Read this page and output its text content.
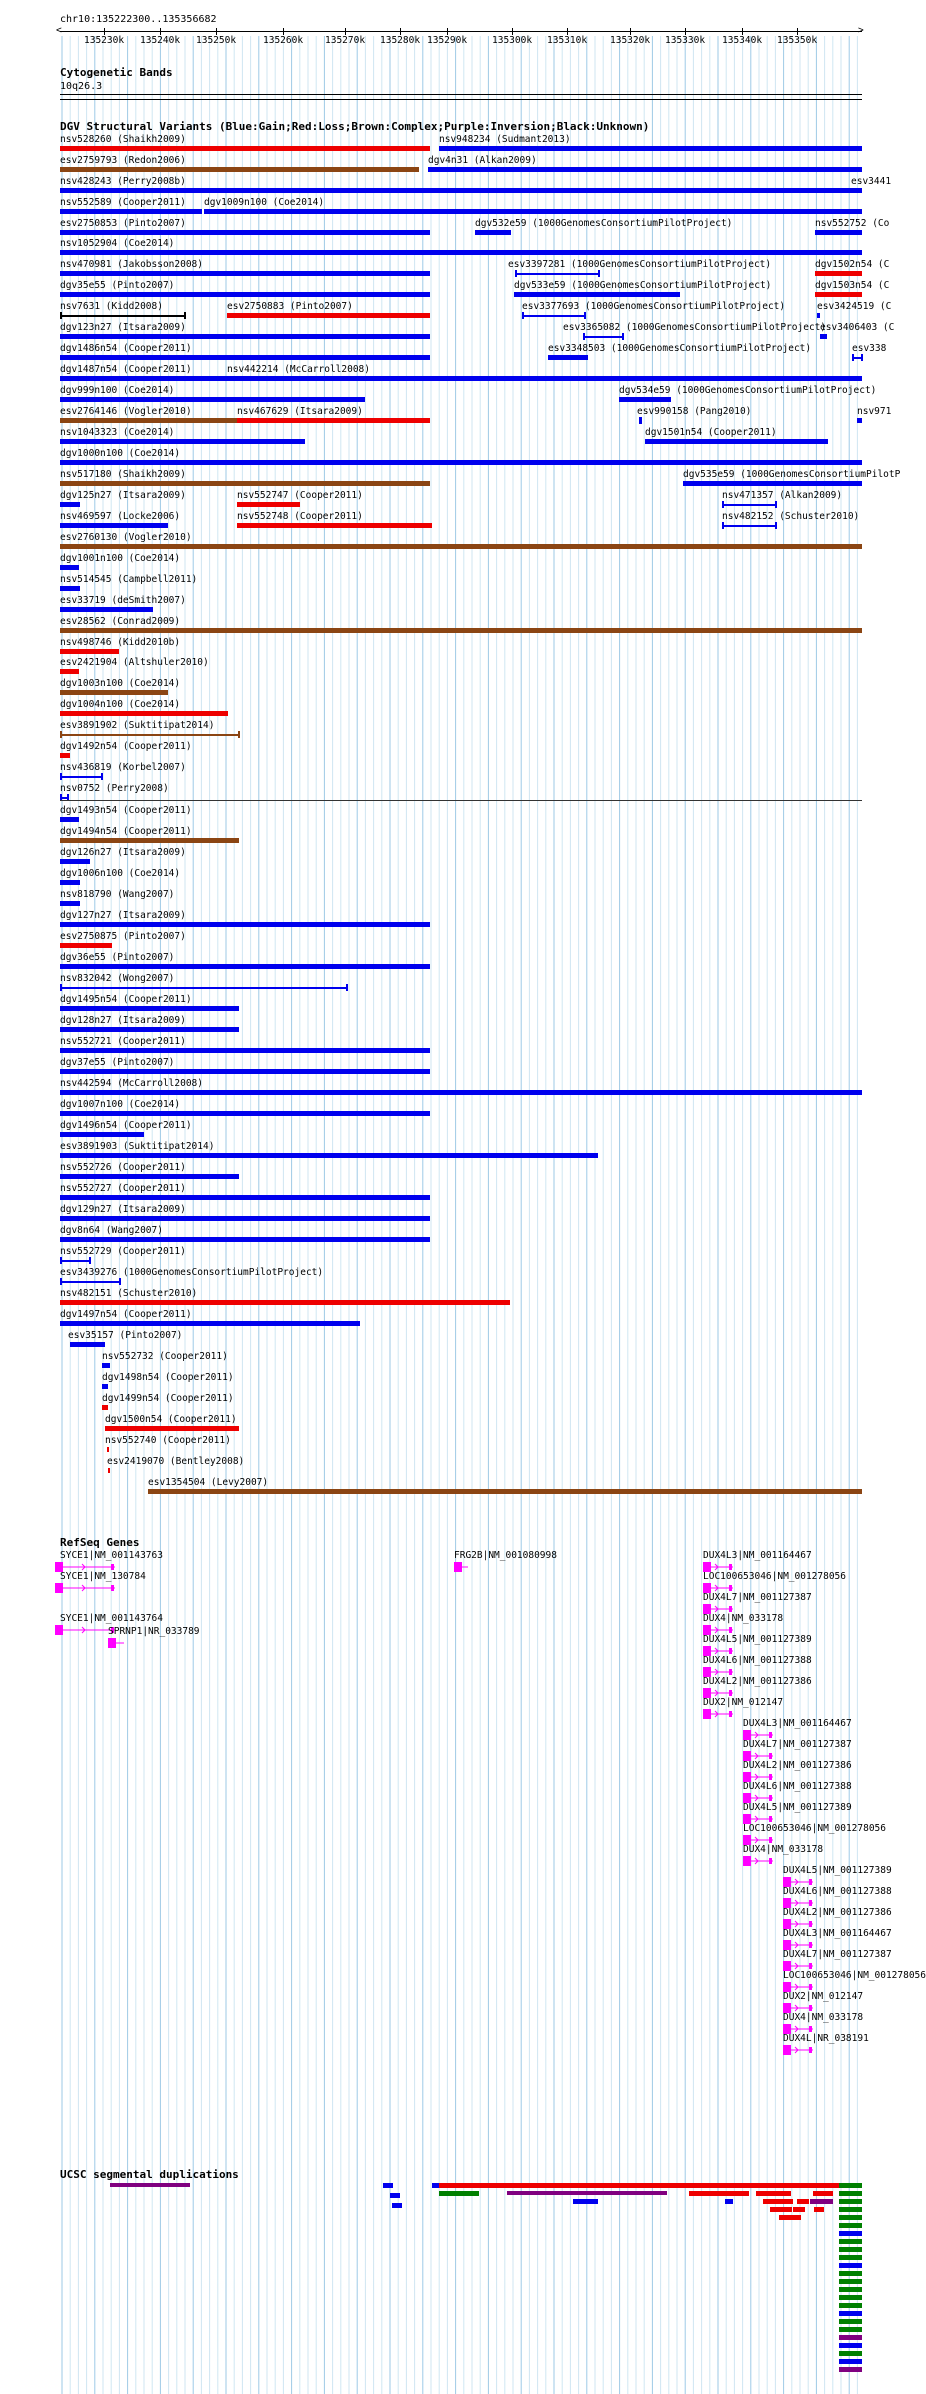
chr10:135222300..135356682
<	>
135230k 135240k 135250k	135260k 135270k 135280k 135290k	135300k 135310k 135320k 135330k 135340k 135350k
Cytogenetic Bands
10q26.3
DGV Structural Variants (Blue:Gain;Red:Loss;Brown:Complex;Purple:Inversion;Black:Unknown)
nsv528260 (Shaikh2009)	nsv948234 (Sudmant2013)
esv2759793 (Redon2006)	dgv4n31 (Alkan2009)
nsv428243 (Perry2008b)	esv3441
nsv552589 (Cooper2011) dgv1009n100 (Coe2014)
esv2750853 (Pinto2007)	dgv532e59 (1000GenomesConsortiumPilotProject)	nsv552752 (Co
nsv1052904 (Coe2014)
nsv470981 (Jakobsson2008)	esv3397281 (1000GenomesConsortiumPilotProject)	dgv1502n54 (C
dgv35e55 (Pinto2007)	dgv533e59 (1000GenomesConsortiumPilotProject)	dgv1503n54 (C
nsv7631 (Kidd2008)	esv2750883 (Pinto2007)	esv3377693 (1000GenomesConsortiumPilotProject)	esv3424519 (C
dgv123n27 (Itsara2009)	esv3365082 (1000GenomesConsortiumPilotProject)
esv3406403 (C
dgv1486n54 (Cooper2011)	esv3348503 (1000GenomesConsortiumPilotProject)	esv338
dgv1487n54 (Cooper2011)	nsv442214 (McCarroll2008)
dgv999n100 (Coe2014)	dgv534e59 (1000GenomesConsortiumPilotProject)
esv2764146 (Vogler2010)	nsv467629 (Itsara2009)	esv990158 (Pang2010)	nsv971
nsv1043323 (Coe2014)	dgv1501n54 (Cooper2011)
dgv1000n100 (Coe2014)
nsv517180 (Shaikh2009)	dgv535e59 (1000GenomesConsortiumPilotP
dgv125n27 (Itsara2009)	nsv552747 (Cooper2011)	nsv471357 (Alkan2009)
nsv469597 (Locke2006)	nsv552748 (Cooper2011)	nsv482152 (Schuster2010)
esv2760130 (Vogler2010)
dgv1001n100 (Coe2014)
nsv514545 (Campbell2011)
esv33719 (deSmith2007)
esv28562 (Conrad2009)
nsv498746 (Kidd2010b)
esv2421904 (Altshuler2010)
dgv1003n100 (Coe2014)
dgv1004n100 (Coe2014)
esv3891902 (Suktitipat2014)
dgv1492n54 (Cooper2011)
nsv436819 (Korbel2007)
nsv0752 (Perry2008)
dgv1493n54 (Cooper2011)
dgv1494n54 (Cooper2011)
dgv126n27 (Itsara2009)
dgv1006n100 (Coe2014)
nsv818790 (Wang2007)
dgv127n27 (Itsara2009)
esv2750875 (Pinto2007)
dgv36e55 (Pinto2007)
nsv832042 (Wong2007)
dgv1495n54 (Cooper2011)
dgv128n27 (Itsara2009)
nsv552721 (Cooper2011)
dgv37e55 (Pinto2007)
nsv442594 (McCarroll2008)
dgv1007n100 (Coe2014)
dgv1496n54 (Cooper2011)
esv3891903 (Suktitipat2014)
nsv552726 (Cooper2011)
nsv552727 (Cooper2011)
dgv129n27 (Itsara2009)
dgv8n64 (Wang2007)
nsv552729 (Cooper2011)
esv3439276 (1000GenomesConsortiumPilotProject)
nsv482151 (Schuster2010)
dgv1497n54 (Cooper2011)
esv35157 (Pinto2007)
nsv552732 (Cooper2011)
dgv1498n54 (Cooper2011)
dgv1499n54 (Cooper2011)
dgv1500n54 (Cooper2011)
nsv552740 (Cooper2011)
esv2419070 (Bentley2008)
esv1354504 (Levy2007)
RefSeq Genes
SYCE1|NM_001143763	FRG2B|NM_001080998	DUX4L3|NM_001164467
SYCE1|NM_130784	LOC100653046|NM_001278056
DUX4L7|NM_001127387
SYCE1|NM_001143764
SPRNP1|NR_033789
DUX4|NM_033178
DUX4L5|NM_001127389
DUX4L6|NM_001127388
DUX4L2|NM_001127386
DUX2|NM_012147
DUX4L3|NM_001164467
DUX4L7|NM_001127387
DUX4L2|NM_001127386
DUX4L6|NM_001127388
DUX4L5|NM_001127389
LOC100653046|NM_001278056
DUX4|NM_033178
DUX4L5|NM_001127389
DUX4L6|NM_001127388
DUX4L2|NM_001127386
DUX4L3|NM_001164467
DUX4L7|NM_001127387
LOC100653046|NM_001278056
DUX2|NM_012147
DUX4|NM_033178
DUX4L|NR_038191
UCSC segmental duplications
